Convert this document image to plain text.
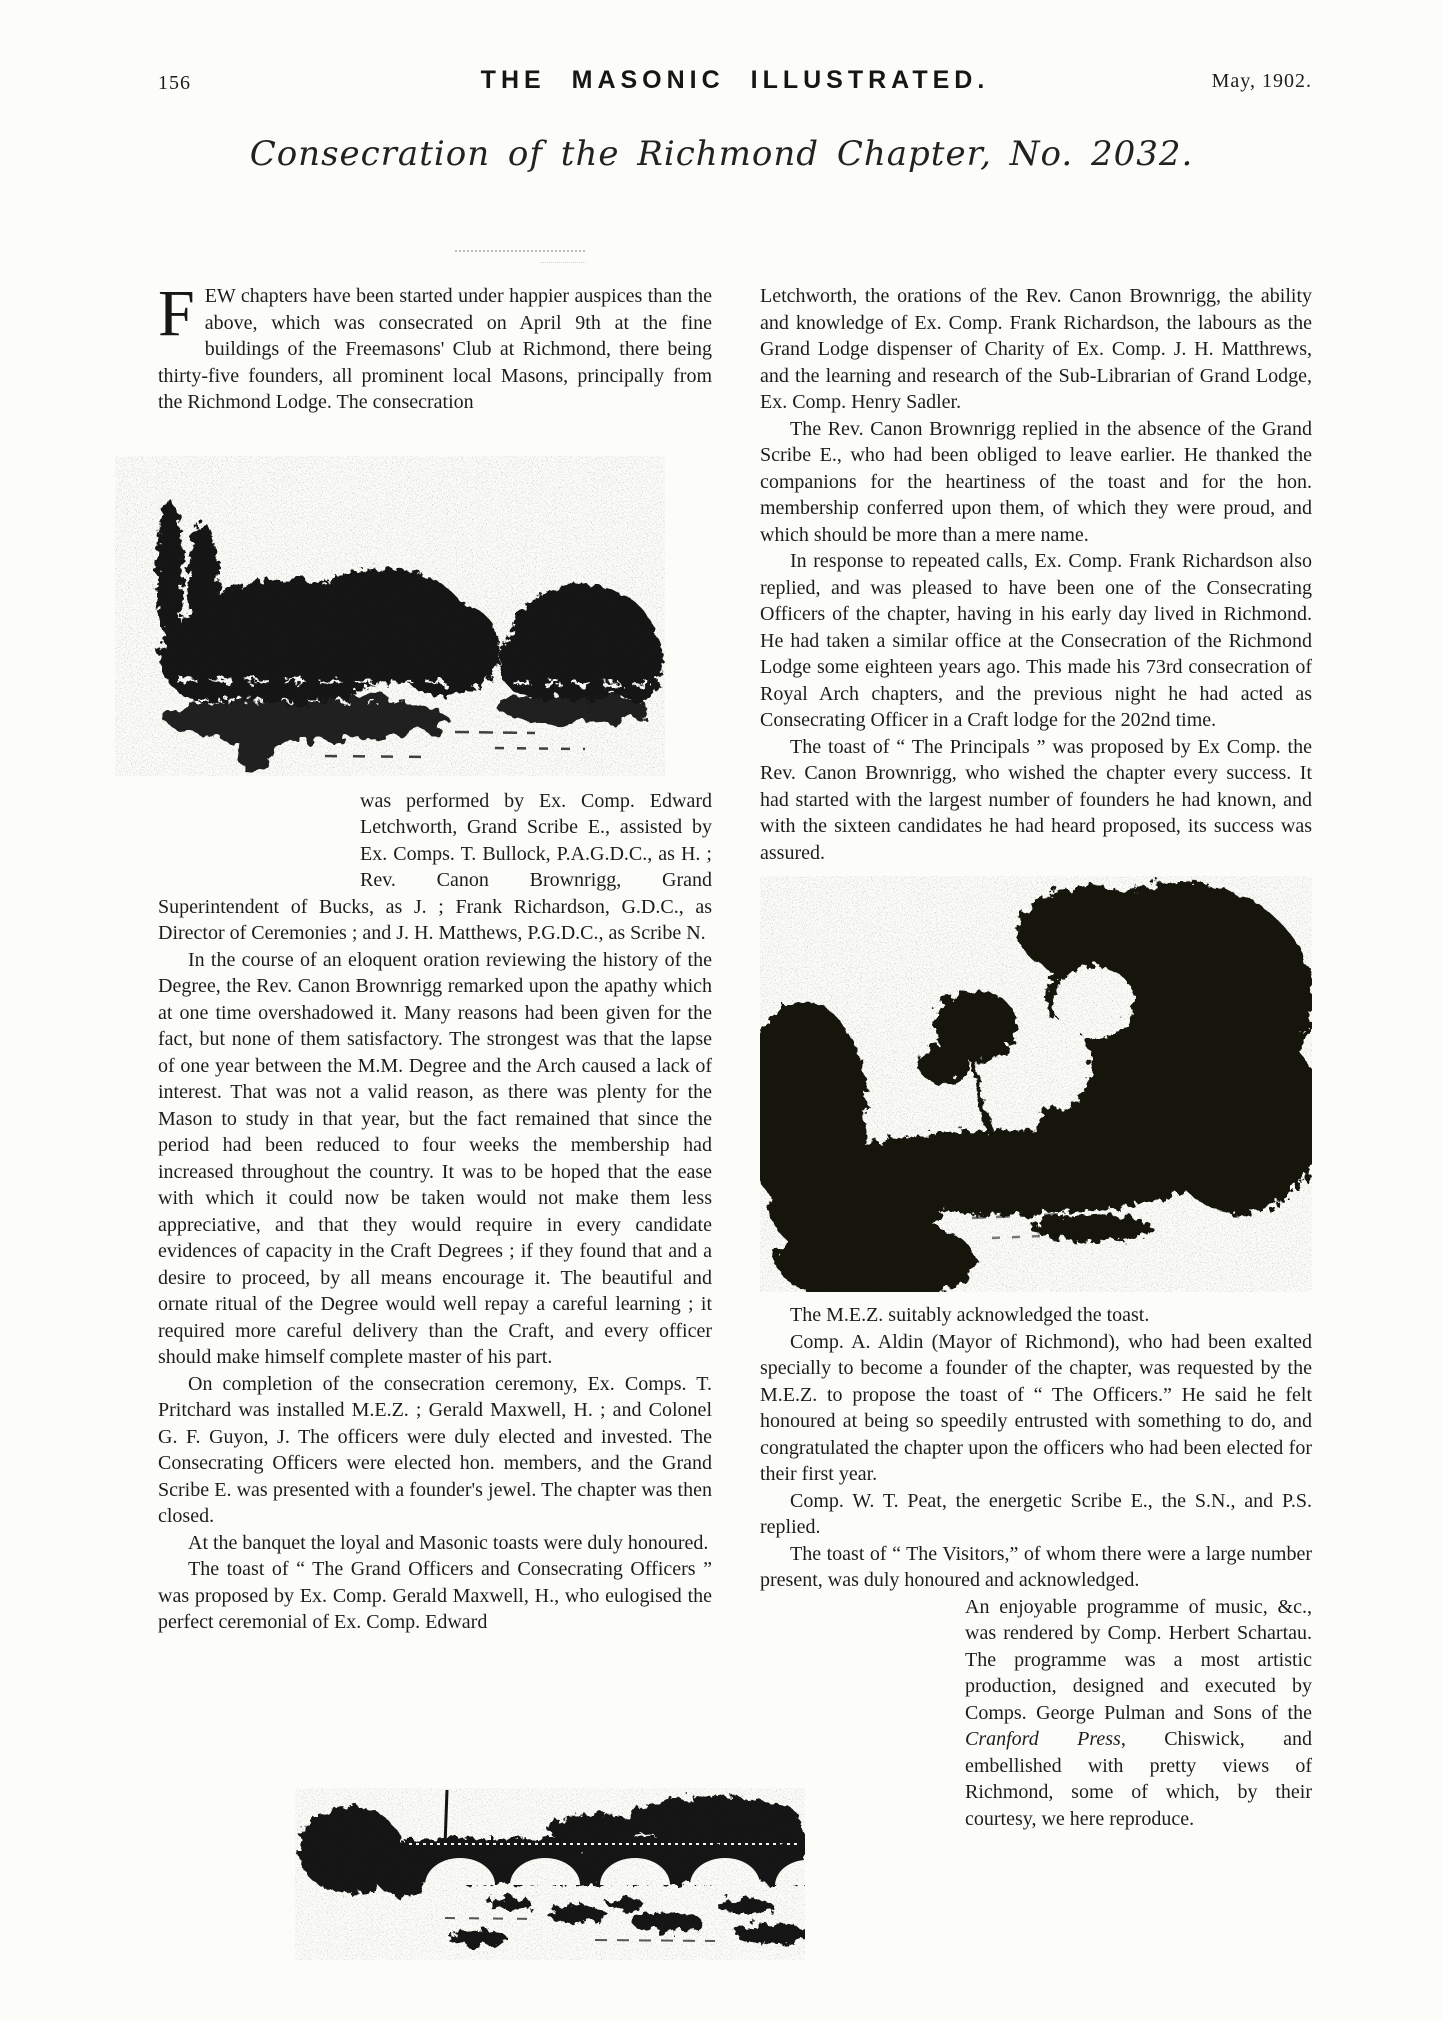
156	THE MASONIC ILLUSTRATED.	May, 1902.
Consecration of the Richmond Chapter, No. 2032.

FEW chapters have been started under happier auspices than the above, which was consecrated on April 9th at the fine buildings of the Freemasons' Club at Richmond, there being thirty-five founders, all prominent local Masons, principally from the Richmond Lodge. The consecration

was performed by Ex. Comp. Edward Letchworth, Grand Scribe E., assisted by Ex. Comps. T. Bullock, P.A.G.D.C., as H. ; Rev. Canon Brownrigg, Grand Superintendent of Bucks, as J. ; Frank Richardson, G.D.C., as Director of Ceremonies ; and J. H. Matthews, P.G.D.C., as Scribe N.

In the course of an eloquent oration reviewing the history of the Degree, the Rev. Canon Brownrigg remarked upon the apathy which at one time overshadowed it. Many reasons had been given for the fact, but none of them satisfactory. The strongest was that the lapse of one year between the M.M. Degree and the Arch caused a lack of interest. That was not a valid reason, as there was plenty for the Mason to study in that year, but the fact remained that since the period had been reduced to four weeks the membership had increased throughout the country. It was to be hoped that the ease with which it could now be taken would not make them less appreciative, and that they would require in every candidate evidences of capacity in the Craft Degrees ; if they found that and a desire to proceed, by all means encourage it. The beautiful and ornate ritual of the Degree would well repay a careful learning ; it required more careful delivery than the Craft, and every officer should make himself complete master of his part.

On completion of the consecration ceremony, Ex. Comps. T. Pritchard was installed M.E.Z. ; Gerald Maxwell, H. ; and Colonel G. F. Guyon, J. The officers were duly elected and invested. The Consecrating Officers were elected hon. members, and the Grand Scribe E. was presented with a founder's jewel. The chapter was then closed.

At the banquet the loyal and Masonic toasts were duly honoured.

The toast of “ The Grand Officers and Consecrating Officers ” was proposed by Ex. Comp. Gerald Maxwell, H., who eulogised the perfect ceremonial of Ex. Comp. Edward

Letchworth, the orations of the Rev. Canon Brownrigg, the ability and knowledge of Ex. Comp. Frank Richardson, the labours as the Grand Lodge dispenser of Charity of Ex. Comp. J. H. Matthrews, and the learning and research of the Sub-Librarian of Grand Lodge, Ex. Comp. Henry Sadler.

The Rev. Canon Brownrigg replied in the absence of the Grand Scribe E., who had been obliged to leave earlier. He thanked the companions for the heartiness of the toast and for the hon. membership conferred upon them, of which they were proud, and which should be more than a mere name.

In response to repeated calls, Ex. Comp. Frank Richardson also replied, and was pleased to have been one of the Consecrating Officers of the chapter, having in his early day lived in Richmond. He had taken a similar office at the Consecration of the Richmond Lodge some eighteen years ago. This made his 73rd consecration of Royal Arch chapters, and the previous night he had acted as Consecrating Officer in a Craft lodge for the 202nd time.

The toast of “ The Principals ” was proposed by Ex Comp. the Rev. Canon Brownrigg, who wished the chapter every success. It had started with the largest number of founders he had known, and with the sixteen candidates he had heard proposed, its success was assured.

The M.E.Z. suitably acknowledged the toast.

Comp. A. Aldin (Mayor of Richmond), who had been exalted specially to become a founder of the chapter, was requested by the M.E.Z. to propose the toast of “ The Officers.” He said he felt honoured at being so speedily entrusted with something to do, and congratulated the chapter upon the officers who had been elected for their first year.

Comp. W. T. Peat, the energetic Scribe E., the S.N., and P.S. replied.

The toast of “ The Visitors,” of whom there were a large number present, was duly honoured and acknowledged.

An enjoyable programme of music, &c., was rendered by Comp. Herbert Schartau. The programme was a most artistic production, designed and executed by Comps. George Pulman and Sons of the Cranford Press, Chiswick, and embellished with pretty views of Richmond, some of which, by their courtesy, we here reproduce.
